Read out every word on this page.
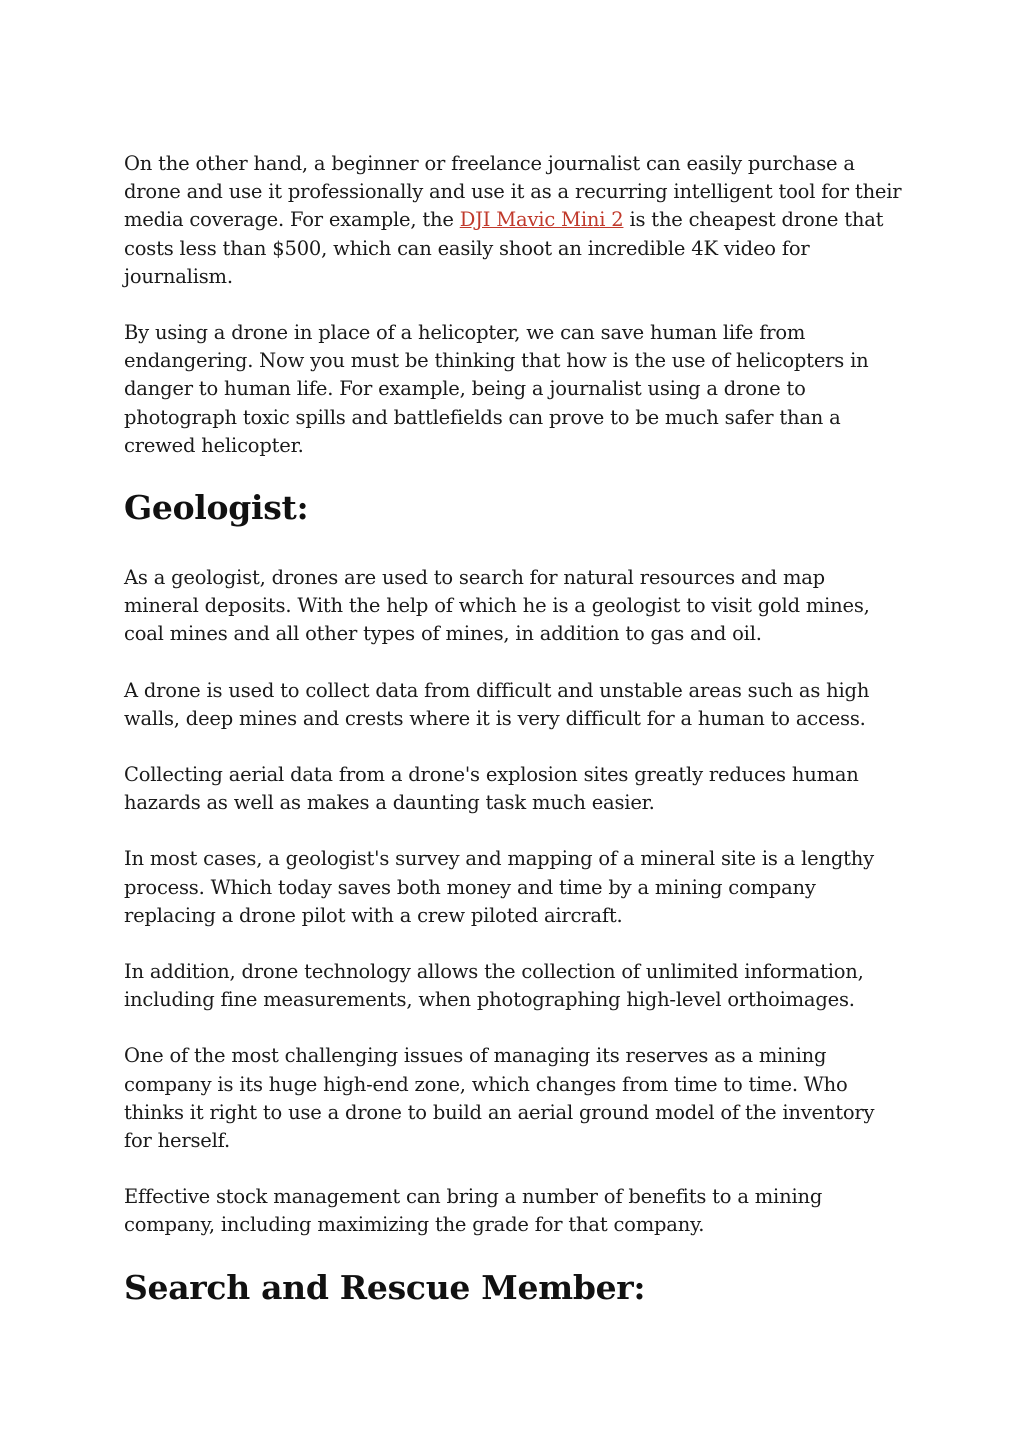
On the other hand, a beginner or freelance journalist can easily purchase a drone and use it professionally and use it as a recurring intelligent tool for their media coverage. For example, the DJI Mavic Mini 2 is the cheapest drone that costs less than $500, which can easily shoot an incredible 4K video for journalism.

By using a drone in place of a helicopter, we can save human life from endangering. Now you must be thinking that how is the use of helicopters in danger to human life. For example, being a journalist using a drone to photograph toxic spills and battlefields can prove to be much safer than a crewed helicopter.

Geologist:

As a geologist, drones are used to search for natural resources and map mineral deposits. With the help of which he is a geologist to visit gold mines, coal mines and all other types of mines, in addition to gas and oil.

A drone is used to collect data from difficult and unstable areas such as high walls, deep mines and crests where it is very difficult for a human to access.

Collecting aerial data from a drone's explosion sites greatly reduces human hazards as well as makes a daunting task much easier.

In most cases, a geologist's survey and mapping of a mineral site is a lengthy process. Which today saves both money and time by a mining company replacing a drone pilot with a crew piloted aircraft.

In addition, drone technology allows the collection of unlimited information, including fine measurements, when photographing high-level orthoimages.

One of the most challenging issues of managing its reserves as a mining company is its huge high-end zone, which changes from time to time. Who thinks it right to use a drone to build an aerial ground model of the inventory for herself.

Effective stock management can bring a number of benefits to a mining company, including maximizing the grade for that company.

Search and Rescue Member:
